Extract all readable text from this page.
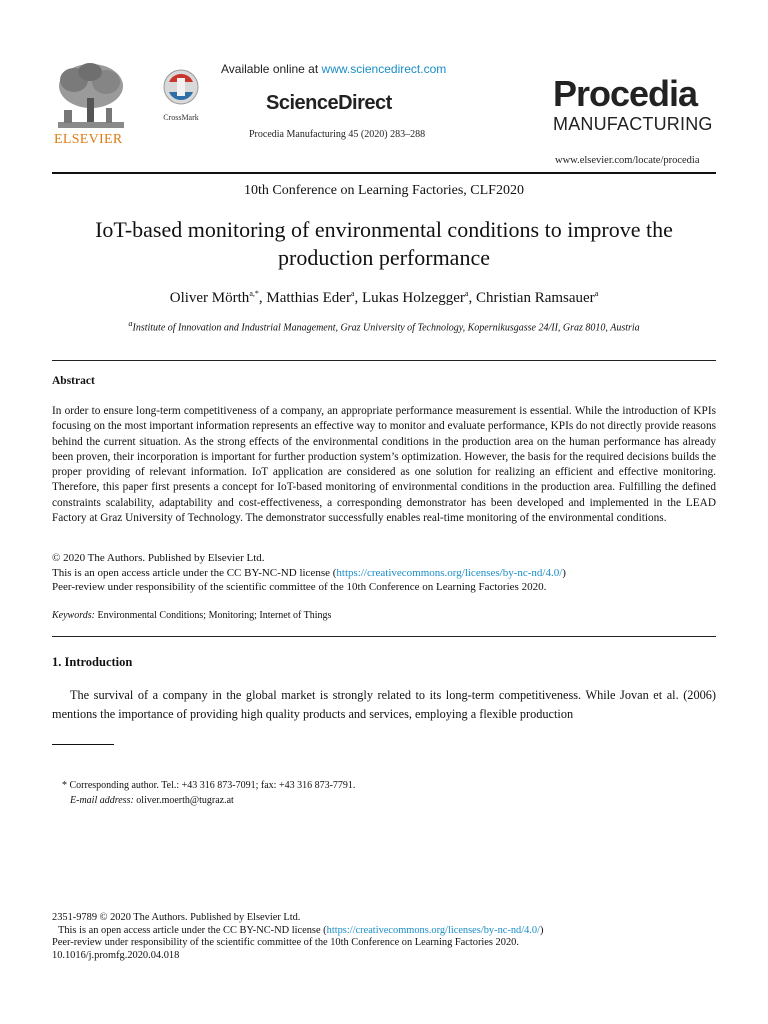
ELSEVIER
CrossMark
Available online at www.sciencedirect.com
ScienceDirect
Procedia Manufacturing 45 (2020) 283–288
Procedia
MANUFACTURING
www.elsevier.com/locate/procedia
10th Conference on Learning Factories, CLF2020
IoT-based monitoring of environmental conditions to improve the production performance
Oliver Mörth$^{a,*}$, Matthias Eder$^a$, Lukas Holzegger$^a$, Christian Ramsauer$^a$
$^a$Institute of Innovation and Industrial Management, Graz University of Technology, Kopernikusgasse 24/II, Graz 8010, Austria
Abstract
In order to ensure long-term competitiveness of a company, an appropriate performance measurement is essential. While the introduction of KPIs focusing on the most important information represents an effective way to monitor and evaluate performance, KPIs do not directly provide reasons behind the current situation. As the strong effects of the environmental conditions in the production area on the human performance has already been proven, their incorporation is important for further production system’s optimization. However, the basis for the required decisions builds the proper providing of relevant information. IoT application are considered as one solution for realizing an efficient and effective monitoring. Therefore, this paper first presents a concept for IoT-based monitoring of environmental conditions in the production area. Fulfilling the defined constraints scalability, adaptability and cost-effectiveness, a corresponding demonstrator has been developed and implemented in the LEAD Factory at Graz University of Technology. The demonstrator successfully enables real-time monitoring of the environmental conditions.
© 2020 The Authors. Published by Elsevier Ltd.
This is an open access article under the CC BY-NC-ND license (https://creativecommons.org/licenses/by-nc-nd/4.0/)
Peer-review under responsibility of the scientific committee of the 10th Conference on Learning Factories 2020.
Keywords: Environmental Conditions; Monitoring; Internet of Things
1. Introduction
The survival of a company in the global market is strongly related to its long-term competitiveness. While Jovan et al. (2006) mentions the importance of providing high quality products and services, employing a flexible production
* Corresponding author. Tel.: +43 316 873-7091; fax: +43 316 873-7791.
E-mail address: oliver.moerth@tugraz.at
2351-9789 © 2020 The Authors. Published by Elsevier Ltd.
This is an open access article under the CC BY-NC-ND license (https://creativecommons.org/licenses/by-nc-nd/4.0/)
Peer-review under responsibility of the scientific committee of the 10th Conference on Learning Factories 2020.
10.1016/j.promfg.2020.04.018
